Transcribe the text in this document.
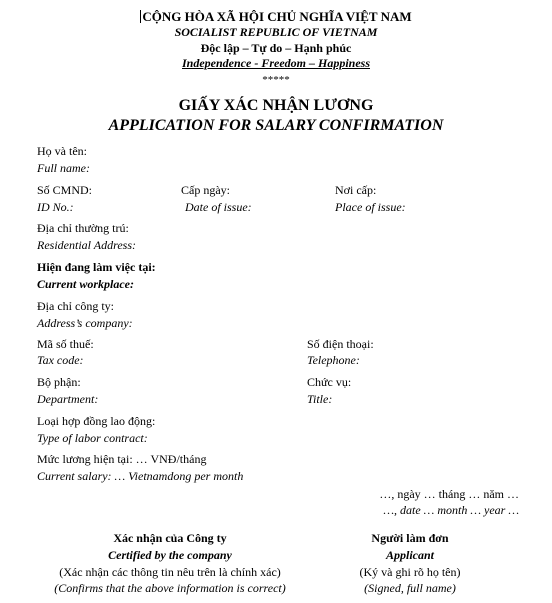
CỘNG HÒA XÃ HỘI CHỦ NGHĨA VIỆT NAM
SOCIALIST REPUBLIC OF VIETNAM
Độc lập – Tự do – Hạnh phúc
Independence - Freedom – Happiness
*****
GIẤY XÁC NHẬN LƯƠNG
APPLICATION FOR SALARY CONFIRMATION
Họ và tên:
Full name:
Số CMND:
ID No.:
Cấp ngày:
Date of issue:
Nơi cấp:
Place of issue:
Địa chỉ thường trú:
Residential Address:
Hiện đang làm việc tại:
Current workplace:
Địa chỉ công ty:
Address’s company:
Mã số thuế:
Tax code:
Số điện thoại:
Telephone:
Bộ phận:
Department:
Chức vụ:
Title:
Loại hợp đồng lao động:
Type of labor contract:
Mức lương hiện tại: … VNĐ/tháng
Current salary: … Vietnamdong per month
…, ngày … tháng … năm …
…, date … month … year …
Xác nhận của Công ty
Certified by the company
(Xác nhận các thông tin nêu trên là chính xác)
(Confirms that the above information is correct)
Người làm đơn
Applicant
(Ký và ghi rõ họ tên)
(Signed, full name)
